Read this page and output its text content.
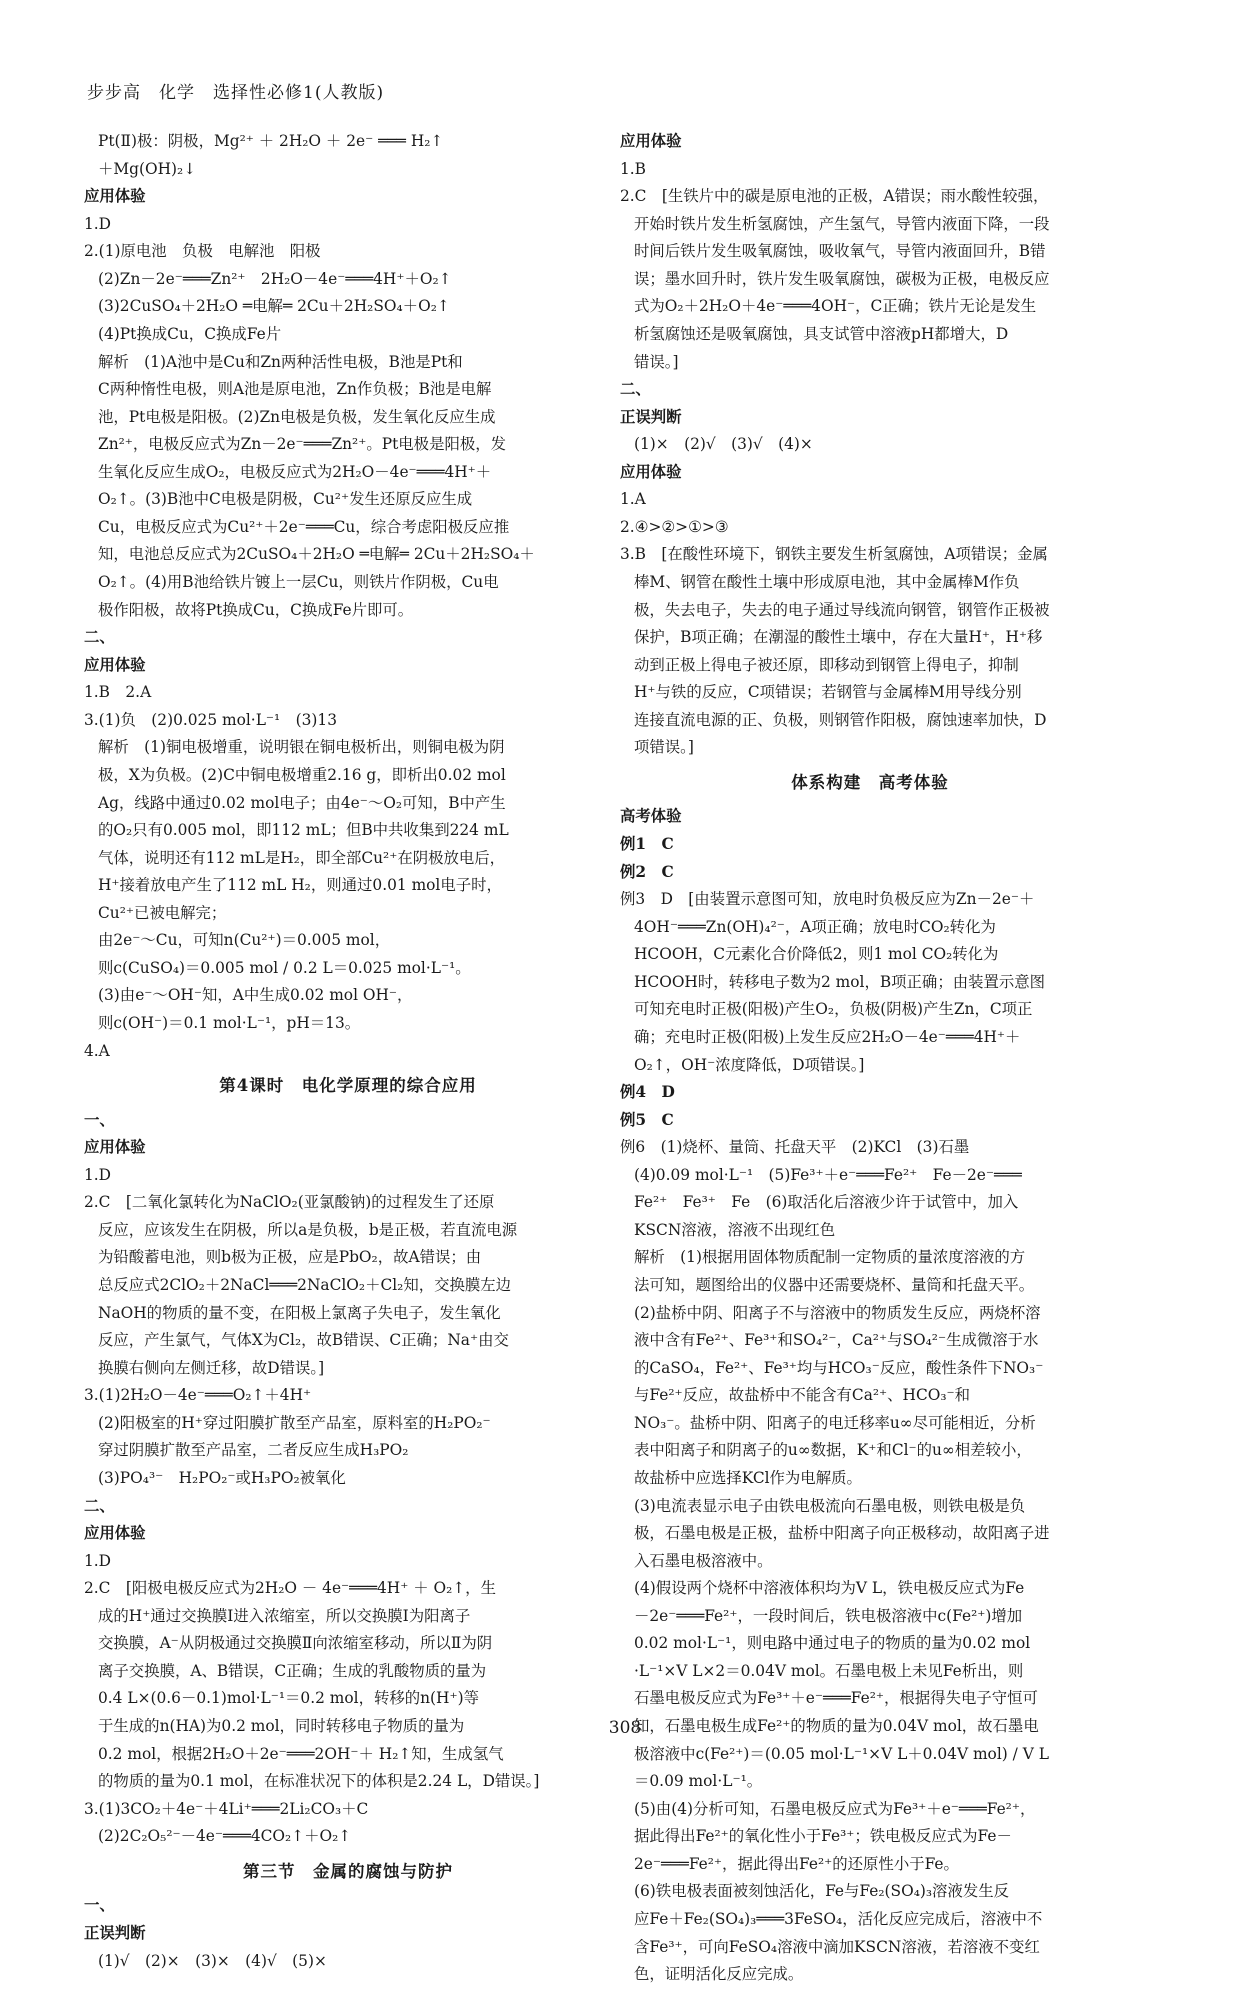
步步高　化学　选择性必修1(人教版)
Pt(Ⅱ)极：阴极，Mg²⁺ ＋ 2H₂O ＋ 2e⁻ ═══ H₂↑
＋Mg(OH)₂↓
应用体验
1.D
2.(1)原电池　负极　电解池　阳极
(2)Zn－2e⁻═══Zn²⁺　2H₂O－4e⁻═══4H⁺＋O₂↑
(3)2CuSO₄＋2H₂O ═电解═ 2Cu＋2H₂SO₄＋O₂↑
(4)Pt换成Cu，C换成Fe片
解析　(1)A池中是Cu和Zn两种活性电极，B池是Pt和
C两种惰性电极，则A池是原电池，Zn作负极；B池是电解
池，Pt电极是阳极。(2)Zn电极是负极，发生氧化反应生成
Zn²⁺，电极反应式为Zn－2e⁻═══Zn²⁺。Pt电极是阳极，发
生氧化反应生成O₂，电极反应式为2H₂O－4e⁻═══4H⁺＋
O₂↑。(3)B池中C电极是阴极，Cu²⁺发生还原反应生成
Cu，电极反应式为Cu²⁺＋2e⁻═══Cu，综合考虑阳极反应推
知，电池总反应式为2CuSO₄＋2H₂O ═电解═ 2Cu＋2H₂SO₄＋
O₂↑。(4)用B池给铁片镀上一层Cu，则铁片作阴极，Cu电
极作阳极，故将Pt换成Cu，C换成Fe片即可。
二、
应用体验
1.B　2.A
3.(1)负　(2)0.025 mol·L⁻¹　(3)13
解析　(1)铜电极增重，说明银在铜电极析出，则铜电极为阴
极，X为负极。(2)C中铜电极增重2.16 g，即析出0.02 mol
Ag，线路中通过0.02 mol电子；由4e⁻～O₂可知，B中产生
的O₂只有0.005 mol，即112 mL；但B中共收集到224 mL
气体，说明还有112 mL是H₂，即全部Cu²⁺在阴极放电后，
H⁺接着放电产生了112 mL H₂，则通过0.01 mol电子时，
Cu²⁺已被电解完；
由2e⁻～Cu，可知n(Cu²⁺)＝0.005 mol，
则c(CuSO₄)＝0.005 mol / 0.2 L＝0.025 mol·L⁻¹。
(3)由e⁻～OH⁻知，A中生成0.02 mol OH⁻，
则c(OH⁻)＝0.1 mol·L⁻¹，pH＝13。
4.A
第4课时　电化学原理的综合应用
一、
应用体验
1.D
2.C　[二氧化氯转化为NaClO₂(亚氯酸钠)的过程发生了还原
反应，应该发生在阴极，所以a是负极，b是正极，若直流电源
为铅酸蓄电池，则b极为正极，应是PbO₂，故A错误；由
总反应式2ClO₂＋2NaCl═══2NaClO₂＋Cl₂知，交换膜左边
NaOH的物质的量不变，在阳极上氯离子失电子，发生氧化
反应，产生氯气，气体X为Cl₂，故B错误、C正确；Na⁺由交
换膜右侧向左侧迁移，故D错误。]
3.(1)2H₂O－4e⁻═══O₂↑＋4H⁺
(2)阳极室的H⁺穿过阳膜扩散至产品室，原料室的H₂PO₂⁻
穿过阴膜扩散至产品室，二者反应生成H₃PO₂
(3)PO₄³⁻　H₂PO₂⁻或H₃PO₂被氧化
二、
应用体验
1.D
2.C　[阳极电极反应式为2H₂O － 4e⁻═══4H⁺ ＋ O₂↑，生
成的H⁺通过交换膜Ⅰ进入浓缩室，所以交换膜Ⅰ为阳离子
交换膜，A⁻从阴极通过交换膜Ⅱ向浓缩室移动，所以Ⅱ为阴
离子交换膜，A、B错误，C正确；生成的乳酸物质的量为
0.4 L×(0.6－0.1)mol·L⁻¹＝0.2 mol，转移的n(H⁺)等
于生成的n(HA)为0.2 mol，同时转移电子物质的量为
0.2 mol，根据2H₂O＋2e⁻═══2OH⁻＋ H₂↑知，生成氢气
的物质的量为0.1 mol，在标准状况下的体积是2.24 L，D错误。]
3.(1)3CO₂＋4e⁻＋4Li⁺═══2Li₂CO₃＋C
(2)2C₂O₅²⁻－4e⁻═══4CO₂↑＋O₂↑
第三节　金属的腐蚀与防护
一、
正误判断
(1)√　(2)×　(3)×　(4)√　(5)×
应用体验
1.B
2.C　[生铁片中的碳是原电池的正极，A错误；雨水酸性较强，
开始时铁片发生析氢腐蚀，产生氢气，导管内液面下降，一段
时间后铁片发生吸氧腐蚀，吸收氧气，导管内液面回升，B错
误；墨水回升时，铁片发生吸氧腐蚀，碳极为正极，电极反应
式为O₂＋2H₂O＋4e⁻═══4OH⁻，C正确；铁片无论是发生
析氢腐蚀还是吸氧腐蚀，具支试管中溶液pH都增大，D
错误。]
二、
正误判断
(1)×　(2)√　(3)√　(4)×
应用体验
1.A
2.④>②>①>③
3.B　[在酸性环境下，钢铁主要发生析氢腐蚀，A项错误；金属
棒M、钢管在酸性土壤中形成原电池，其中金属棒M作负
极，失去电子，失去的电子通过导线流向钢管，钢管作正极被
保护，B项正确；在潮湿的酸性土壤中，存在大量H⁺，H⁺移
动到正极上得电子被还原，即移动到钢管上得电子，抑制
H⁺与铁的反应，C项错误；若钢管与金属棒M用导线分别
连接直流电源的正、负极，则钢管作阳极，腐蚀速率加快，D
项错误。]
体系构建　高考体验
高考体验
例1　C
例2　C
例3　D　[由装置示意图可知，放电时负极反应为Zn－2e⁻＋
4OH⁻═══Zn(OH)₄²⁻，A项正确；放电时CO₂转化为
HCOOH，C元素化合价降低2，则1 mol CO₂转化为
HCOOH时，转移电子数为2 mol，B项正确；由装置示意图
可知充电时正极(阳极)产生O₂，负极(阴极)产生Zn，C项正
确；充电时正极(阳极)上发生反应2H₂O－4e⁻═══4H⁺＋
O₂↑，OH⁻浓度降低，D项错误。]
例4　D
例5　C
例6　(1)烧杯、量筒、托盘天平　(2)KCl　(3)石墨
(4)0.09 mol·L⁻¹　(5)Fe³⁺＋e⁻═══Fe²⁺　Fe－2e⁻═══
Fe²⁺　Fe³⁺　Fe　(6)取活化后溶液少许于试管中，加入
KSCN溶液，溶液不出现红色
解析　(1)根据用固体物质配制一定物质的量浓度溶液的方
法可知，题图给出的仪器中还需要烧杯、量筒和托盘天平。
(2)盐桥中阴、阳离子不与溶液中的物质发生反应，两烧杯溶
液中含有Fe²⁺、Fe³⁺和SO₄²⁻，Ca²⁺与SO₄²⁻生成微溶于水
的CaSO₄，Fe²⁺、Fe³⁺均与HCO₃⁻反应，酸性条件下NO₃⁻
与Fe²⁺反应，故盐桥中不能含有Ca²⁺、HCO₃⁻和
NO₃⁻。盐桥中阴、阳离子的电迁移率u∞尽可能相近，分析
表中阳离子和阴离子的u∞数据，K⁺和Cl⁻的u∞相差较小，
故盐桥中应选择KCl作为电解质。
(3)电流表显示电子由铁电极流向石墨电极，则铁电极是负
极，石墨电极是正极，盐桥中阳离子向正极移动，故阳离子进
入石墨电极溶液中。
(4)假设两个烧杯中溶液体积均为V L，铁电极反应式为Fe
－2e⁻═══Fe²⁺，一段时间后，铁电极溶液中c(Fe²⁺)增加
0.02 mol·L⁻¹，则电路中通过电子的物质的量为0.02 mol
·L⁻¹×V L×2＝0.04V mol。石墨电极上未见Fe析出，则
石墨电极反应式为Fe³⁺＋e⁻═══Fe²⁺，根据得失电子守恒可
知，石墨电极生成Fe²⁺的物质的量为0.04V mol，故石墨电
极溶液中c(Fe²⁺)＝(0.05 mol·L⁻¹×V L＋0.04V mol) / V L
＝0.09 mol·L⁻¹。
(5)由(4)分析可知，石墨电极反应式为Fe³⁺＋e⁻═══Fe²⁺，
据此得出Fe²⁺的氧化性小于Fe³⁺；铁电极反应式为Fe－
2e⁻═══Fe²⁺，据此得出Fe²⁺的还原性小于Fe。
(6)铁电极表面被刻蚀活化，Fe与Fe₂(SO₄)₃溶液发生反
应Fe＋Fe₂(SO₄)₃═══3FeSO₄，活化反应完成后，溶液中不
含Fe³⁺，可向FeSO₄溶液中滴加KSCN溶液，若溶液不变红
色，证明活化反应完成。
308
